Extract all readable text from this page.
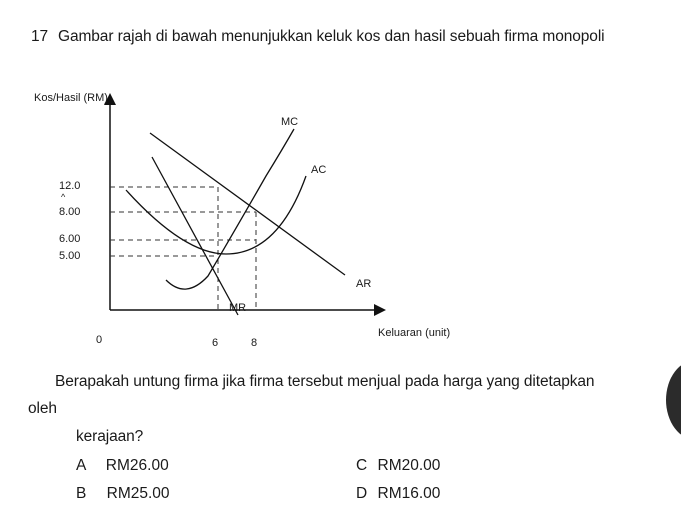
17 Gambar rajah di bawah menunjukkan keluk kos dan hasil sebuah firma monopoli
Kos/Hasil (RM)
Keluaran (unit)
0
12.0
^
8.00
6.00
5.00
6	8
MC
AC
AR
MR
Berapakah untung firma jika firma tersebut menjual pada harga yang ditetapkan
oleh
kerajaan?
A RM26.00
B RM25.00
C RM20.00
D RM16.00
